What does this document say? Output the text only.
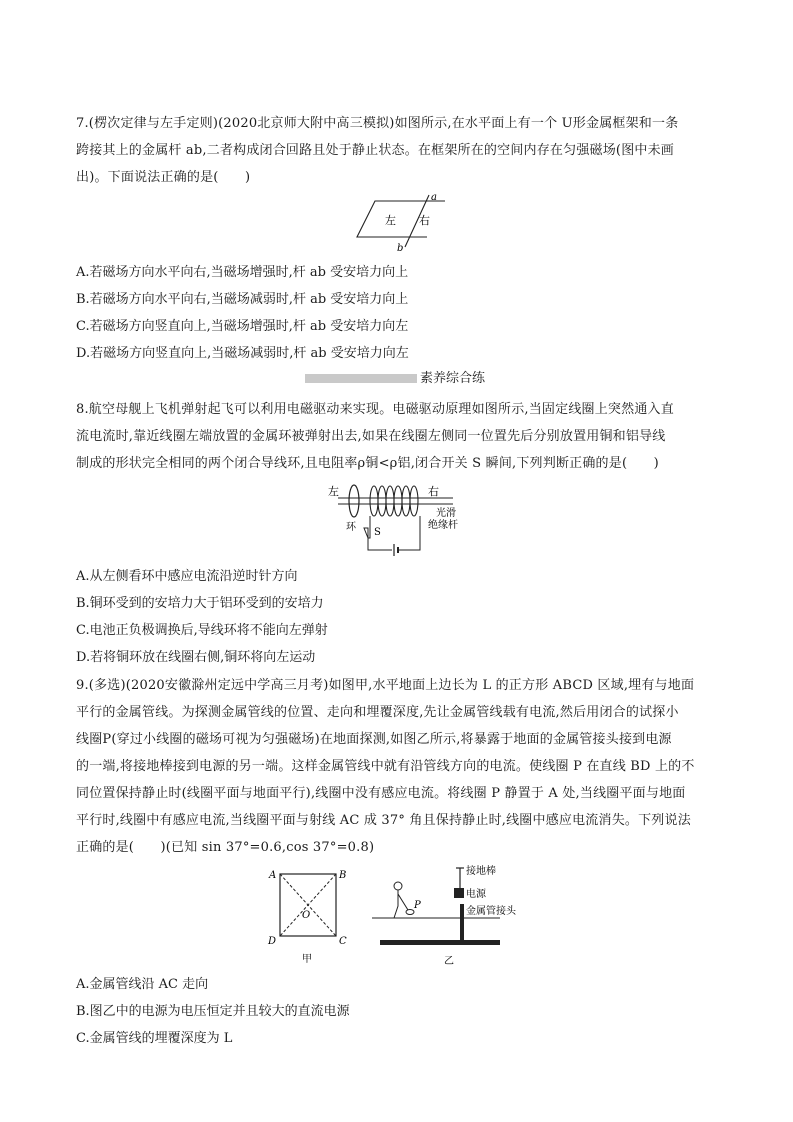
7.(楞次定律与左手定则)(2020北京师大附中高三模拟)如图所示,在水平面上有一个 U形金属框架和一条
跨接其上的金属杆 ab,二者构成闭合回路且处于静止状态。在框架所在的空间内存在匀强磁场(图中未画
出)。下面说法正确的是(　　)
左 右
a
b
A.若磁场方向水平向右,当磁场增强时,杆 ab 受安培力向上
B.若磁场方向水平向右,当磁场减弱时,杆 ab 受安培力向上
C.若磁场方向竖直向上,当磁场增强时,杆 ab 受安培力向左
D.若磁场方向竖直向上,当磁场减弱时,杆 ab 受安培力向左
素养综合练
8.航空母舰上飞机弹射起飞可以利用电磁驱动来实现。电磁驱动原理如图所示,当固定线圈上突然通入直
流电流时,靠近线圈左端放置的金属环被弹射出去,如果在线圈左侧同一位置先后分别放置用铜和铝导线
制成的形状完全相同的两个闭合导线环,且电阻率ρ铜<ρ铝,闭合开关 S 瞬间,下列判断正确的是(　　)
左	右
环 S
光滑
绝缘杆
A.从左侧看环中感应电流沿逆时针方向
B.铜环受到的安培力大于铝环受到的安培力
C.电池正负极调换后,导线环将不能向左弹射
D.若将铜环放在线圈右侧,铜环将向左运动
9.(多选)(2020安徽滁州定远中学高三月考)如图甲,水平地面上边长为 L 的正方形 ABCD 区域,埋有与地面
平行的金属管线。为探测金属管线的位置、走向和埋覆深度,先让金属管线载有电流,然后用闭合的试探小
线圈P(穿过小线圈的磁场可视为匀强磁场)在地面探测,如图乙所示,将暴露于地面的金属管接头接到电源
的一端,将接地棒接到电源的另一端。这样金属管线中就有沿管线方向的电流。使线圈 P 在直线 BD 上的不
同位置保持静止时(线圈平面与地面平行),线圈中没有感应电流。将线圈 P 静置于 A 处,当线圈平面与地面
平行时,线圈中有感应电流,当线圈平面与射线 AC 成 37° 角且保持静止时,线圈中感应电流消失。下列说法
正确的是(　　)(已知 sin 37°=0.6,cos 37°=0.8)
A	B
C
D
O
甲
P
接地棒
电源
金属管接头
乙
A.金属管线沿 AC 走向
B.图乙中的电源为电压恒定并且较大的直流电源
C.金属管线的埋覆深度为 L
